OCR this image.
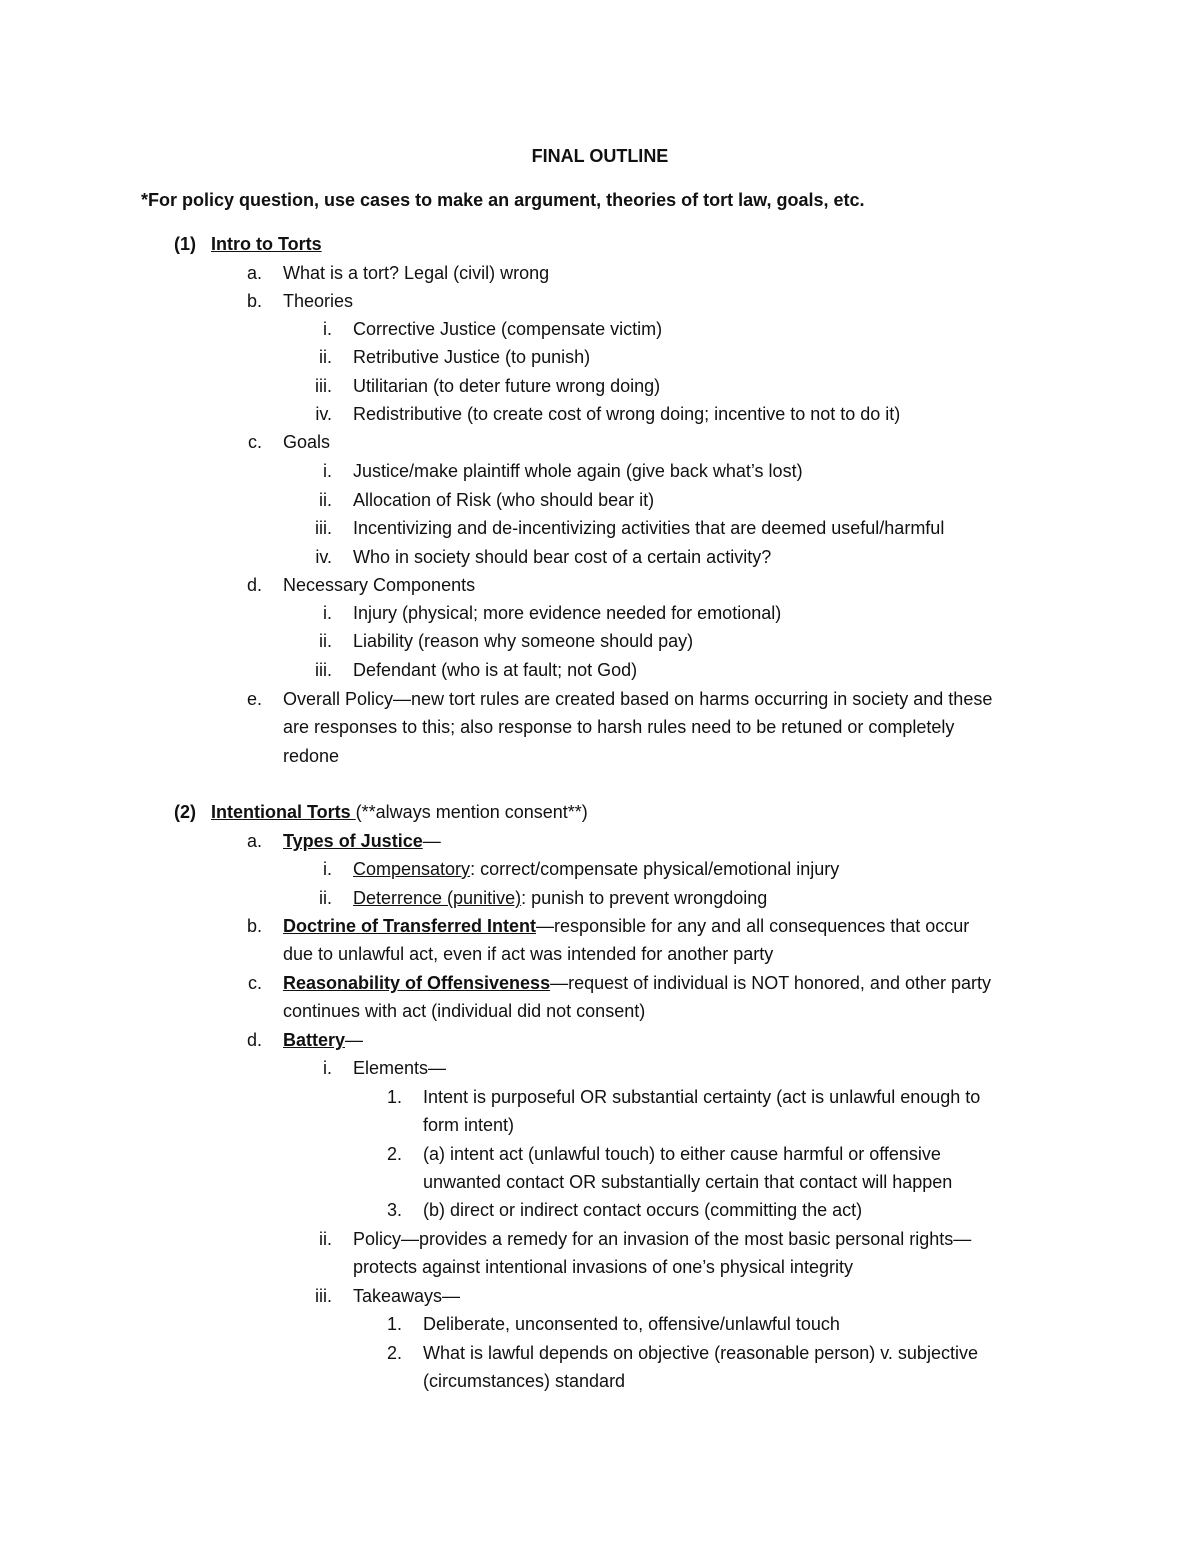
FINAL OUTLINE
*For policy question, use cases to make an argument, theories of tort law, goals, etc.
(1) Intro to Torts
a. What is a tort? Legal (civil) wrong
b. Theories
i. Corrective Justice (compensate victim)
ii. Retributive Justice (to punish)
iii. Utilitarian (to deter future wrong doing)
iv. Redistributive (to create cost of wrong doing; incentive to not to do it)
c. Goals
i. Justice/make plaintiff whole again (give back what’s lost)
ii. Allocation of Risk (who should bear it)
iii. Incentivizing and de-incentivizing activities that are deemed useful/harmful
iv. Who in society should bear cost of a certain activity?
d. Necessary Components
i. Injury (physical; more evidence needed for emotional)
ii. Liability (reason why someone should pay)
iii. Defendant (who is at fault; not God)
e. Overall Policy—new tort rules are created based on harms occurring in society and these
are responses to this; also response to harsh rules need to be retuned or completely
redone
(2) Intentional Torts (**always mention consent**)
a. Types of Justice—
i. Compensatory: correct/compensate physical/emotional injury
ii. Deterrence (punitive): punish to prevent wrongdoing
b. Doctrine of Transferred Intent—responsible for any and all consequences that occur
due to unlawful act, even if act was intended for another party
c. Reasonability of Offensiveness—request of individual is NOT honored, and other party
continues with act (individual did not consent)
d. Battery—
i. Elements—
1. Intent is purposeful OR substantial certainty (act is unlawful enough to
form intent)
2. (a) intent act (unlawful touch) to either cause harmful or offensive
unwanted contact OR substantially certain that contact will happen
3. (b) direct or indirect contact occurs (committing the act)
ii. Policy—provides a remedy for an invasion of the most basic personal rights—
protects against intentional invasions of one’s physical integrity
iii. Takeaways—
1. Deliberate, unconsented to, offensive/unlawful touch
2. What is lawful depends on objective (reasonable person) v. subjective
(circumstances) standard
